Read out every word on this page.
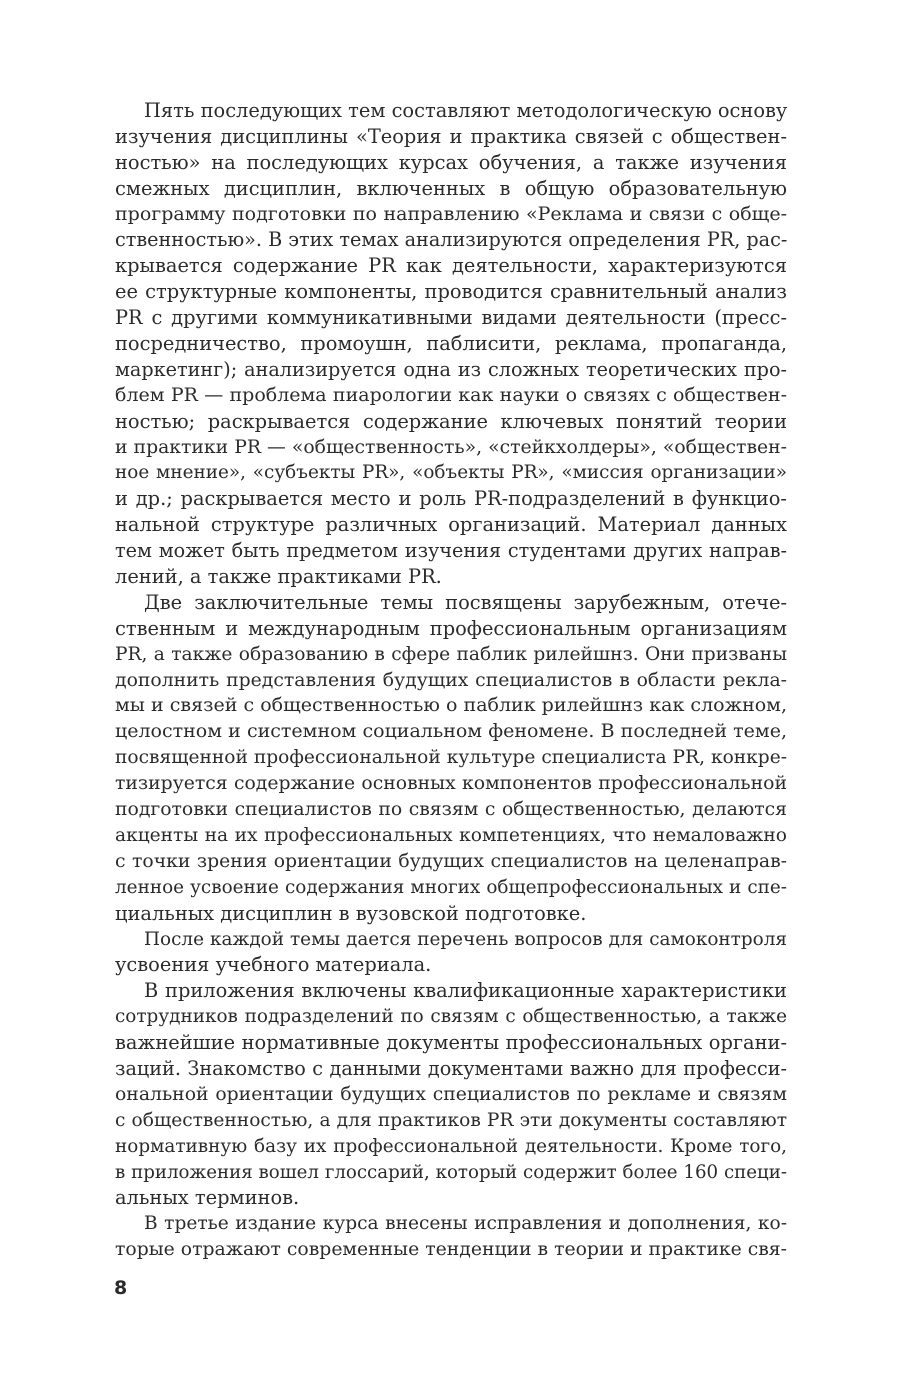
Пять последующих тем составляют методологическую основу
изучения дисциплины «Теория и практика связей с обществен-
ностью» на последующих курсах обучения, а также изучения
смежных дисциплин, включенных в общую образовательную
программу подготовки по направлению «Реклама и связи с обще-
ственностью». В этих темах анализируются определения PR, рас-
крывается содержание PR как деятельности, характеризуются
ее структурные компоненты, проводится сравнительный анализ
PR с другими коммуникативными видами деятельности (пресс-
посредничество, промоушн, паблисити, реклама, пропаганда,
маркетинг); анализируется одна из сложных теоретических про-
блем PR — проблема пиарологии как науки о связях с обществен-
ностью; раскрывается содержание ключевых понятий теории
и практики PR — «общественность», «стейкхолдеры», «обществен-
ное мнение», «субъекты PR», «объекты PR», «миссия организации»
и др.; раскрывается место и роль PR-подразделений в функцио-
нальной структуре различных организаций. Материал данных
тем может быть предметом изучения студентами других направ-
лений, а также практиками PR.
Две заключительные темы посвящены зарубежным, отече-
ственным и международным профессиональным организациям
PR, а также образованию в сфере паблик рилейшнз. Они призваны
дополнить представления будущих специалистов в области рекла-
мы и связей с общественностью о паблик рилейшнз как сложном,
целостном и системном социальном феномене. В последней теме,
посвященной профессиональной культуре специалиста PR, конкре-
тизируется содержание основных компонентов профессиональной
подготовки специалистов по связям с общественностью, делаются
акценты на их профессиональных компетенциях, что немаловажно
с точки зрения ориентации будущих специалистов на целенаправ-
ленное усвоение содержания многих общепрофессиональных и спе-
циальных дисциплин в вузовской подготовке.
После каждой темы дается перечень вопросов для самоконтроля
усвоения учебного материала.
В приложения включены квалификационные характеристики
сотрудников подразделений по связям с общественностью, а также
важнейшие нормативные документы профессиональных органи-
заций. Знакомство с данными документами важно для професси-
ональной ориентации будущих специалистов по рекламе и связям
с общественностью, а для практиков PR эти документы составляют
нормативную базу их профессиональной деятельности. Кроме того,
в приложения вошел глоссарий, который содержит более 160 специ-
альных терминов.
В третье издание курса внесены исправления и дополнения, ко-
торые отражают современные тенденции в теории и практике свя-
8
